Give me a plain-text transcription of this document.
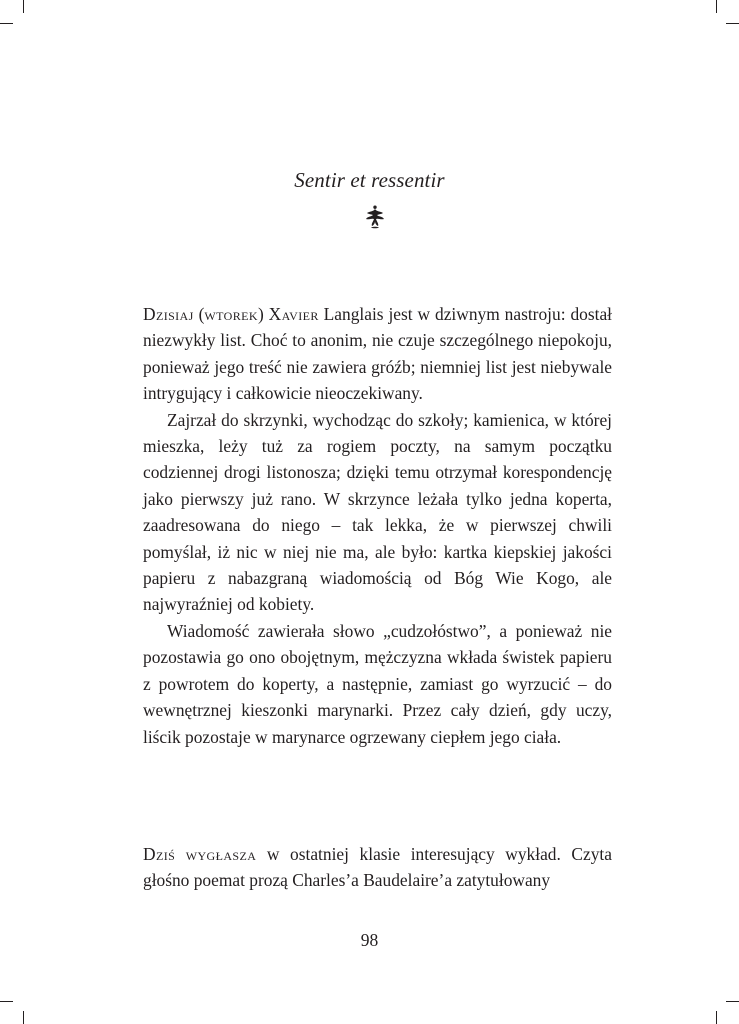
Sentir et ressentir

Dzisiaj (wtorek) Xavier Langlais jest w dziwnym nastroju: dostał niezwykły list. Choć to anonim, nie czuje szczególnego niepokoju, ponieważ jego treść nie zawiera gróźb; niemniej list jest niebywale intrygujący i całkowicie nieoczekiwany.

Zajrzał do skrzynki, wychodząc do szkoły; kamienica, w której mieszka, leży tuż za rogiem poczty, na samym początku codziennej drogi listonosza; dzięki temu otrzymał korespondencję jako pierwszy już rano. W skrzynce leżała tylko jedna koperta, zaadresowana do niego – tak lekka, że w pierwszej chwili pomyślał, iż nic w niej nie ma, ale było: kartka kiepskiej jakości papieru z nabazgraną wiadomością od Bóg Wie Kogo, ale najwyraźniej od kobiety.

Wiadomość zawierała słowo „cudzołóstwo”, a ponieważ nie pozostawia go ono obojętnym, mężczyzna wkłada świstek papieru z powrotem do koperty, a następnie, zamiast go wyrzucić – do wewnętrznej kieszonki marynarki. Przez cały dzień, gdy uczy, liścik pozostaje w marynarce ogrzewany ciepłem jego ciała.

Dziś wygłasza w ostatniej klasie interesujący wykład. Czyta głośno poemat prozą Charles’a Baudelaire’a zatytułowany

98
